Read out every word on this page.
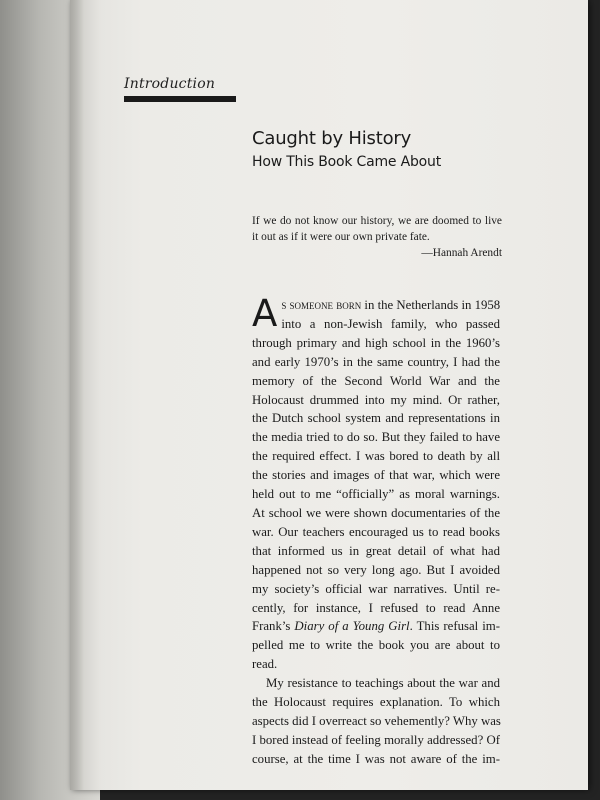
Introduction
Caught by History
How This Book Came About
If we do not know our history, we are doomed to live
it out as if it were our own private fate.
—Hannah Arendt
A s someone born in the Netherlands in 1958
into a non-Jewish family, who passed
through primary and high school in the 1960’s
and early 1970’s in the same country, I had the
memory of the Second World War and the
Holocaust drummed into my mind. Or rather,
the Dutch school system and representations in
the media tried to do so. But they failed to have
the required effect. I was bored to death by all
the stories and images of that war, which were
held out to me “officially” as moral warnings.
At school we were shown documentaries of the
war. Our teachers encouraged us to read books
that informed us in great detail of what had
happened not so very long ago. But I avoided
my society’s official war narratives. Until re-
cently, for instance, I refused to read Anne
Frank’s Diary of a Young Girl. This refusal im-
pelled me to write the book you are about to
read.
My resistance to teachings about the war and
the Holocaust requires explanation. To which
aspects did I overreact so vehemently? Why was
I bored instead of feeling morally addressed? Of
course, at the time I was not aware of the im-
